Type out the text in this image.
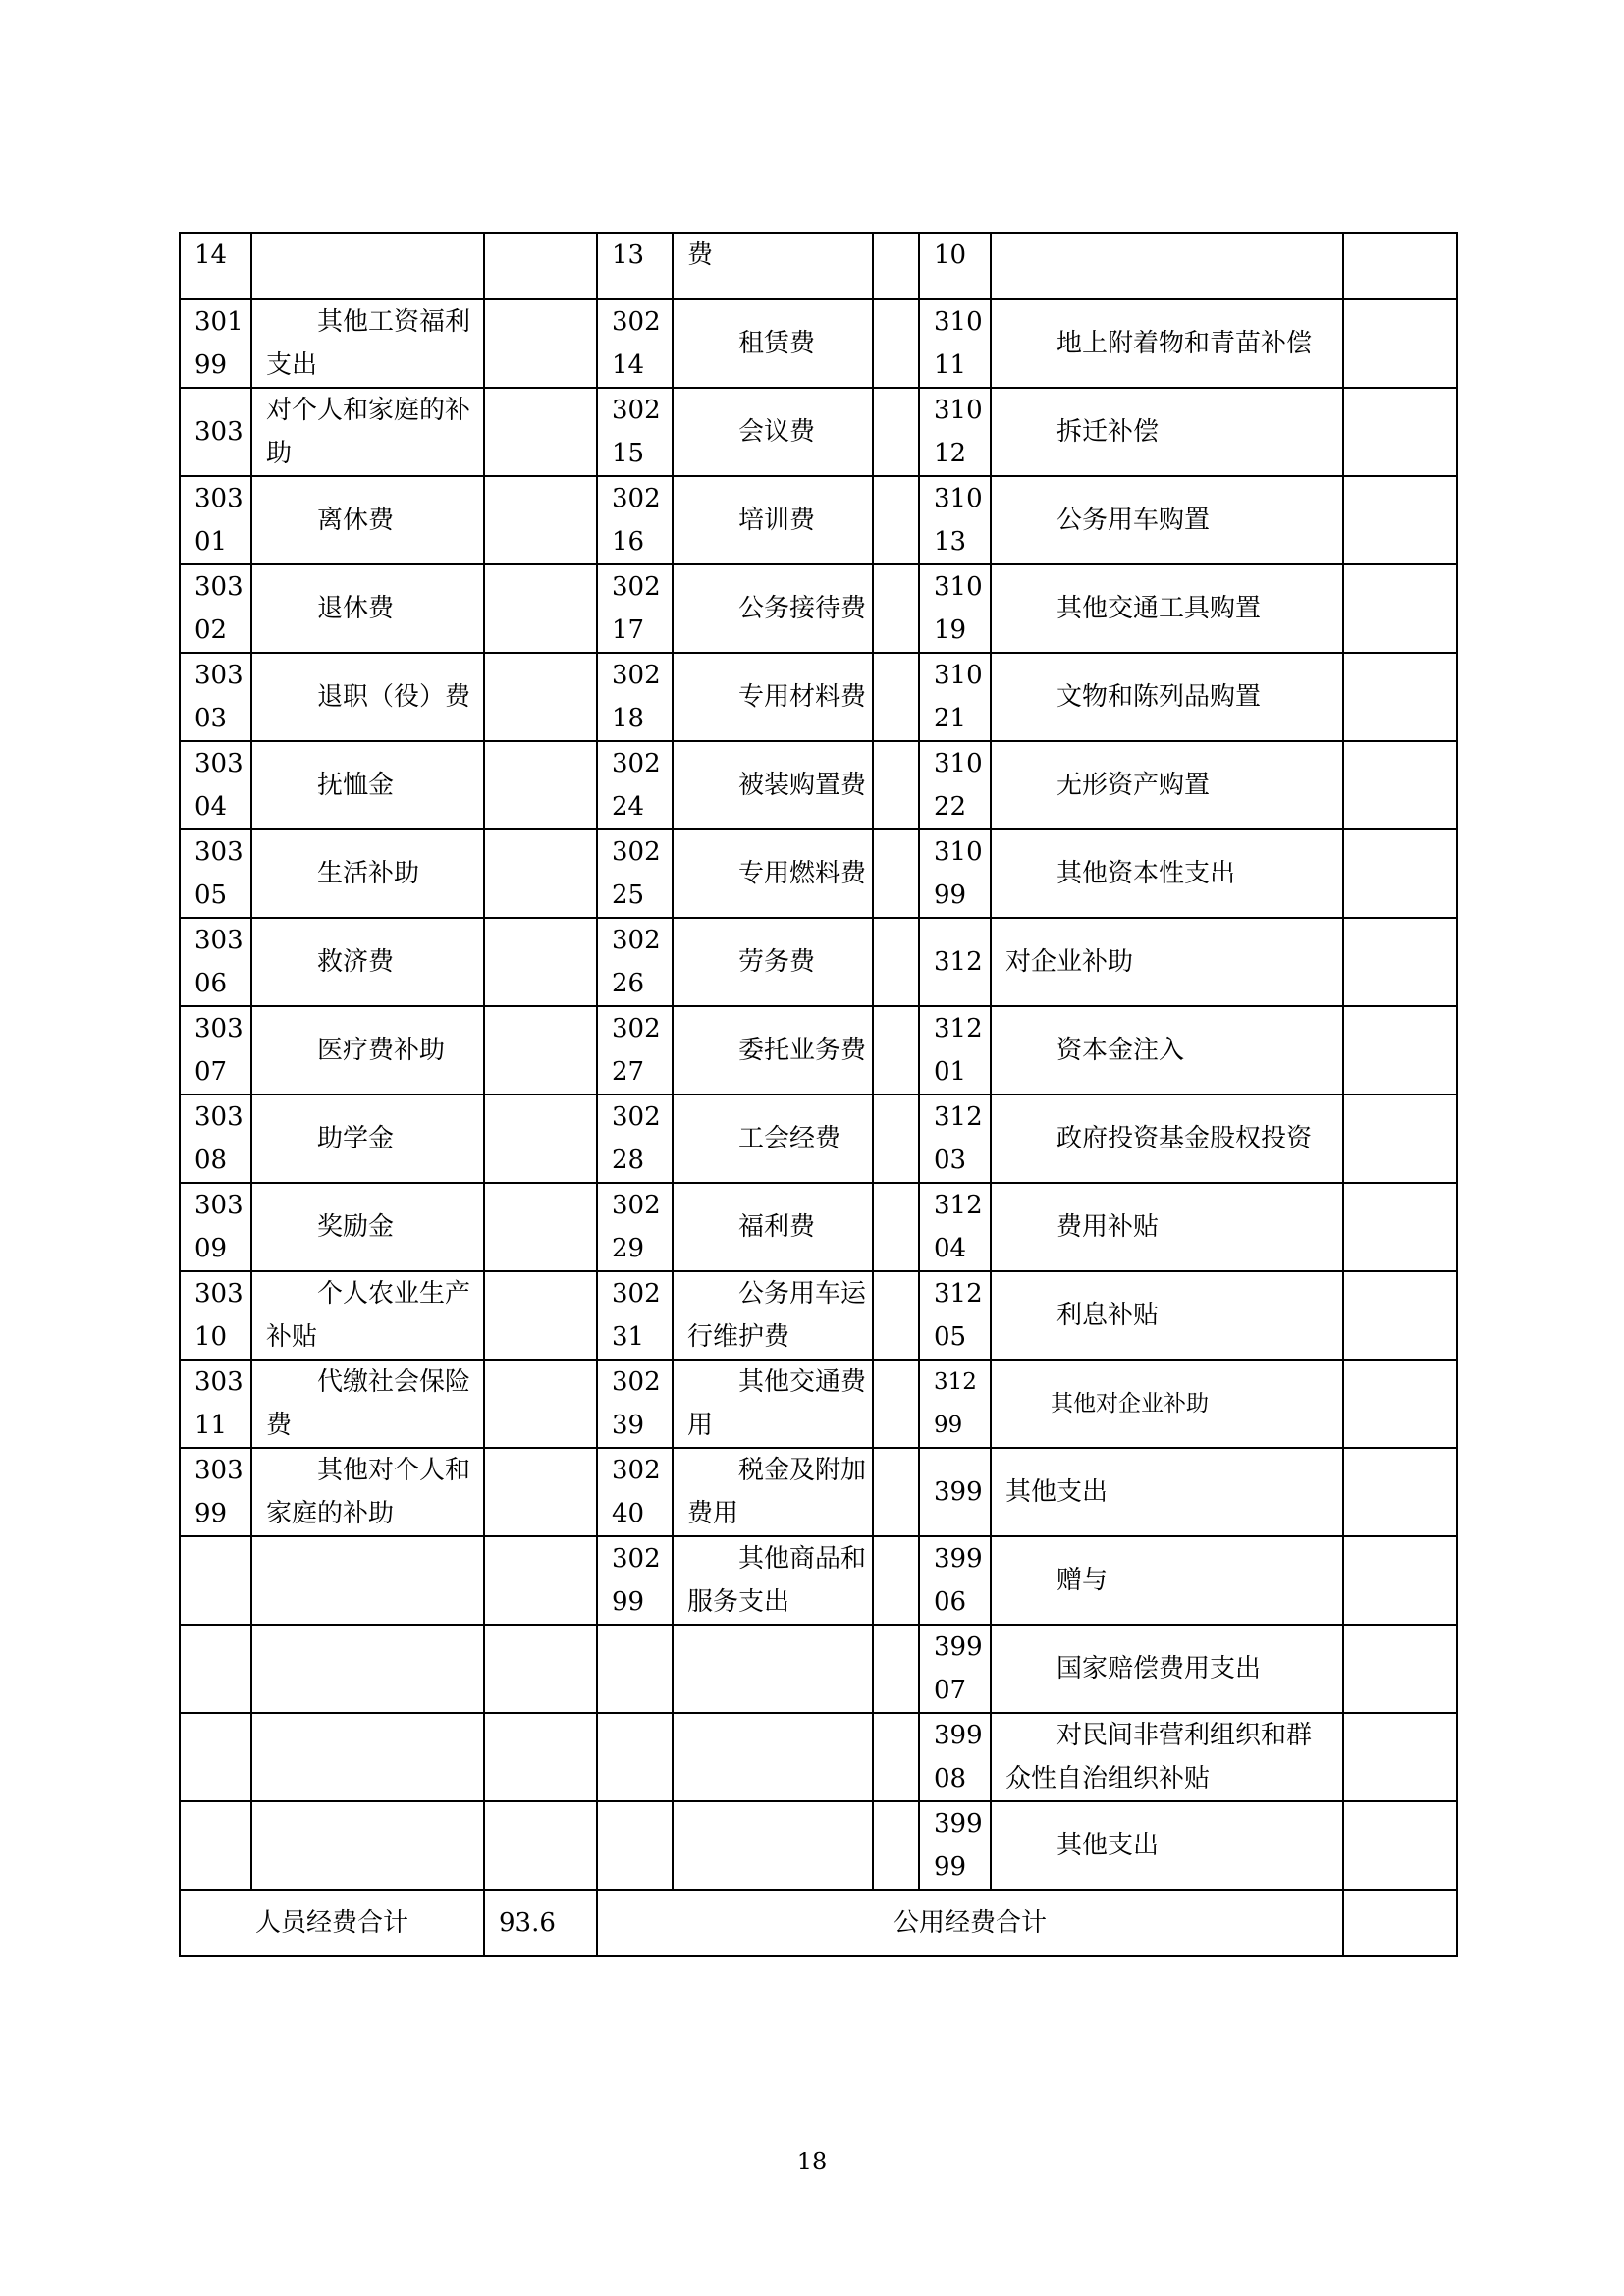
14			13	费		10		
30199	其他工资福利支出		30214	租赁费		31011	地上附着物和青苗补偿	
303	对个人和家庭的补助		30215	会议费		31012	拆迁补偿	
30301	离休费		30216	培训费		31013	公务用车购置	
30302	退休费		30217	公务接待费		31019	其他交通工具购置	
30303	退职（役）费		30218	专用材料费		31021	文物和陈列品购置	
30304	抚恤金		30224	被装购置费		31022	无形资产购置	
30305	生活补助		30225	专用燃料费		31099	其他资本性支出	
30306	救济费		30226	劳务费		312	对企业补助	
30307	医疗费补助		30227	委托业务费		31201	资本金注入	
30308	助学金		30228	工会经费		31203	政府投资基金股权投资	
30309	奖励金		30229	福利费		31204	费用补贴	
30310	个人农业生产补贴		30231	公务用车运行维护费		31205	利息补贴	
30311	代缴社会保险费		30239	其他交通费用		31299	其他对企业补助	
30399	其他对个人和家庭的补助		30240	税金及附加费用		399	其他支出	
			30299	其他商品和服务支出		39906	赠与	
						39907	国家赔偿费用支出	
						39908	对民间非营利组织和群众性自治组织补贴	
						39999	其他支出	
人员经费合计		93.6	公用经费合计					
18
